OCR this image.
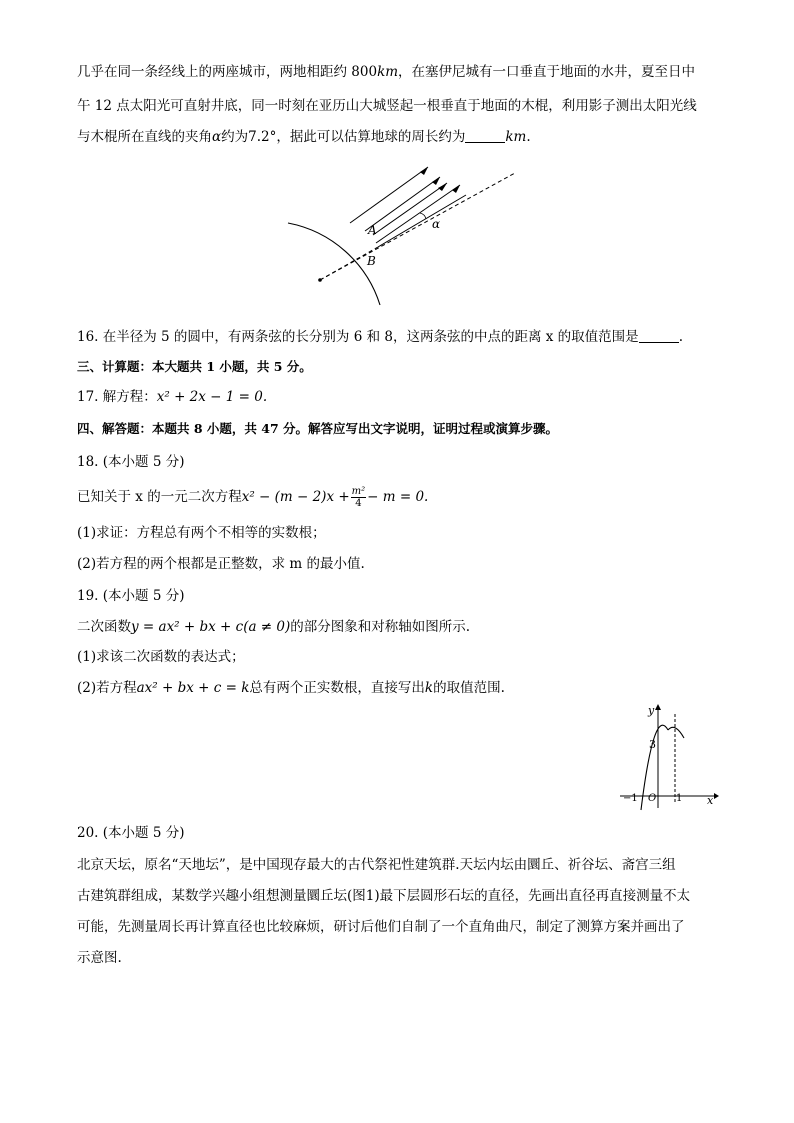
几乎在同一条经线上的两座城市，两地相距约 800km，在塞伊尼城有一口垂直于地面的水井，夏至日中
午 12 点太阳光可直射井底，同一时刻在亚历山大城竖起一根垂直于地面的木棍，利用影子测出太阳光线
与木棍所在直线的夹角α约为7.2°，据此可以估算地球的周长约为	km.
A
B
α
16. 在半径为 5 的圆中，有两条弦的长分别为 6 和 8，这两条弦的中点的距离 x 的取值范围是	.
三、计算题：本大题共 1 小题，共 5 分。
17. 解方程：x² + 2x − 1 = 0.
四、解答题：本题共 8 小题，共 47 分。解答应写出文字说明，证明过程或演算步骤。
18. (本小题 5 分)
已知关于 x 的一元二次方程$x^2 - (m - 2)x + \frac{\text{m²}}{4} - m = 0$.
(1)求证：方程总有两个不相等的实数根；
(2)若方程的两个根都是正整数，求 m 的最小值.
19. (本小题 5 分)
二次函数y = ax² + bx + c(a ≠ 0)的部分图象和对称轴如图所示.
(1)求该二次函数的表达式；
(2)若方程ax² + bx + c = k总有两个正实数根，直接写出k的取值范围.
y
x
3
−1 O 1
20. (本小题 5 分)
北京天坛，原名“天地坛”，是中国现存最大的古代祭祀性建筑群.天坛内坛由圜丘、祈谷坛、斋宫三组
古建筑群组成，某数学兴趣小组想测量圜丘坛(图1)最下层圆形石坛的直径，先画出直径再直接测量不太
可能，先测量周长再计算直径也比较麻烦，研讨后他们自制了一个直角曲尺，制定了测算方案并画出了
示意图.
